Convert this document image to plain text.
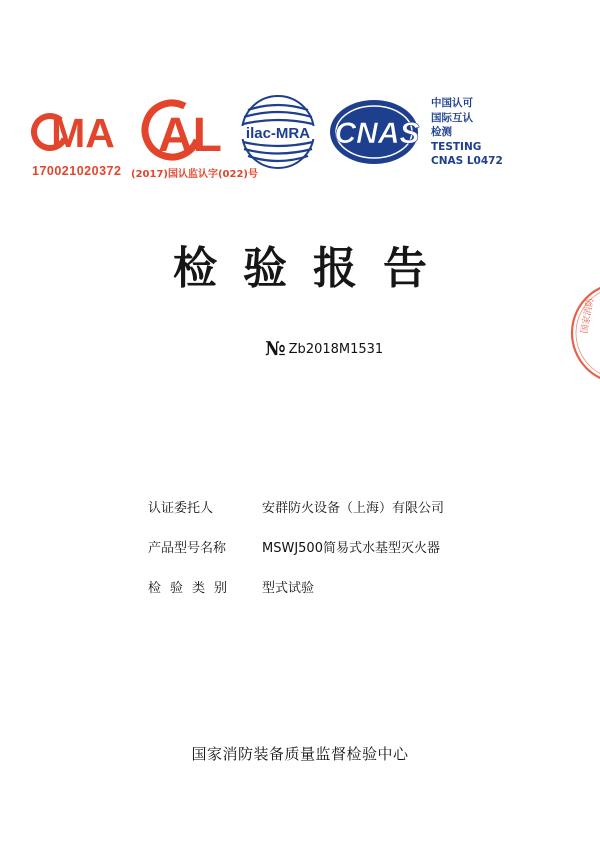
MA
170021020372
AL
(2017)国认监认字(022)号
ilac-MRA CNAS
中国认可
国际互认
检测
TESTING
CNAS L0472
检验报告
№ Zb2018M1531
认证委托人	安群防火设备（上海）有限公司
产品型号名称	MSWJ500简易式水基型灭火器
检验类别 型式试验
国家消防装备质量监督检验中心
国家消防
